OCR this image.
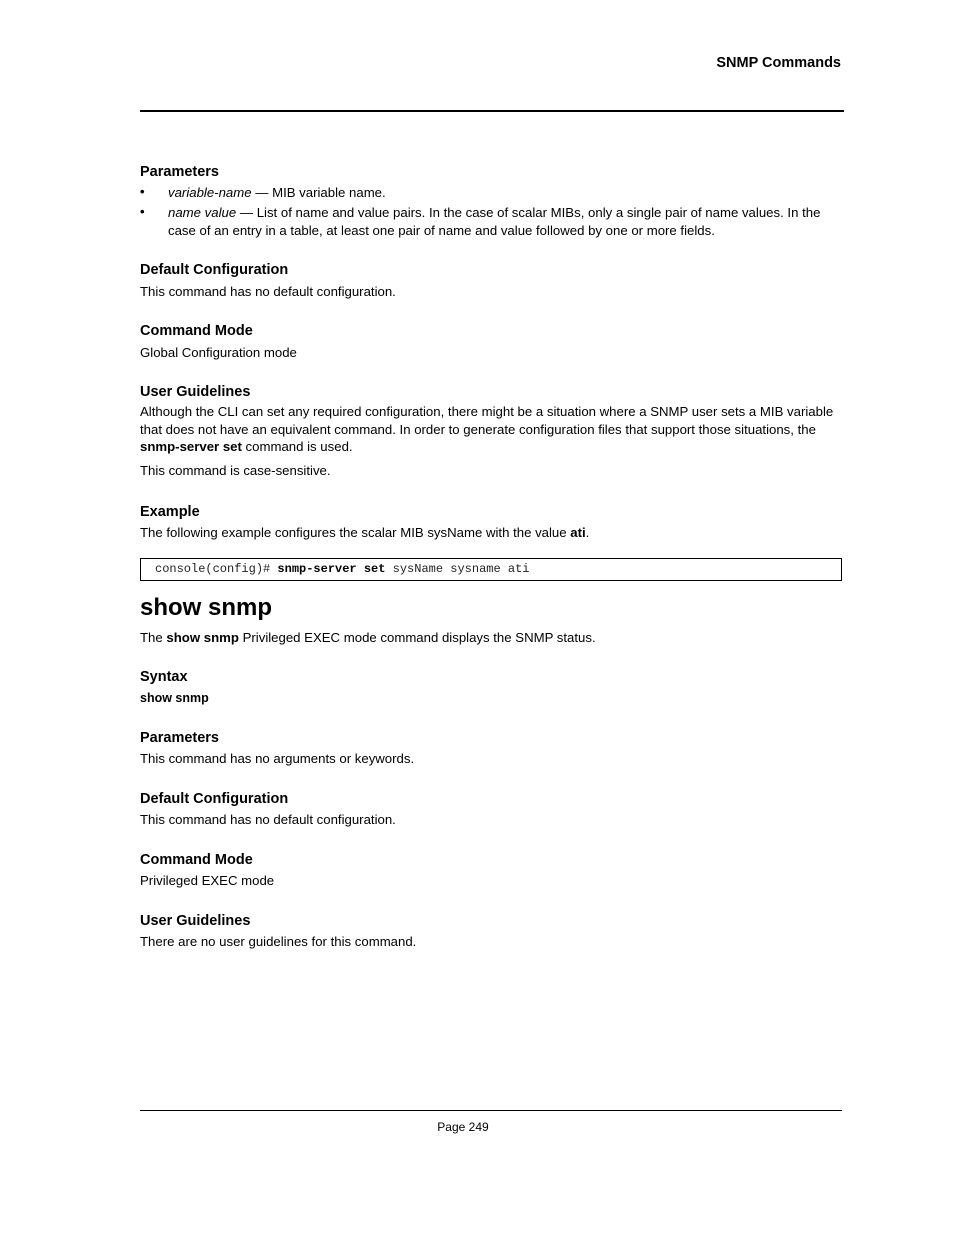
SNMP Commands
Parameters
• variable-name — MIB variable name.
• name value — List of name and value pairs. In the case of scalar MIBs, only a single pair of name values. In the case of an entry in a table, at least one pair of name and value followed by one or more fields.
Default Configuration
This command has no default configuration.
Command Mode
Global Configuration mode
User Guidelines
Although the CLI can set any required configuration, there might be a situation where a SNMP user sets a MIB variable that does not have an equivalent command. In order to generate configuration files that support those situations, the snmp-server set command is used.
This command is case-sensitive.
Example
The following example configures the scalar MIB sysName with the value ati.
console(config)# snmp-server set sysName sysname ati
show snmp
The show snmp Privileged EXEC mode command displays the SNMP status.
Syntax
show snmp
Parameters
This command has no arguments or keywords.
Default Configuration
This command has no default configuration.
Command Mode
Privileged EXEC mode
User Guidelines
There are no user guidelines for this command.
Page 249
